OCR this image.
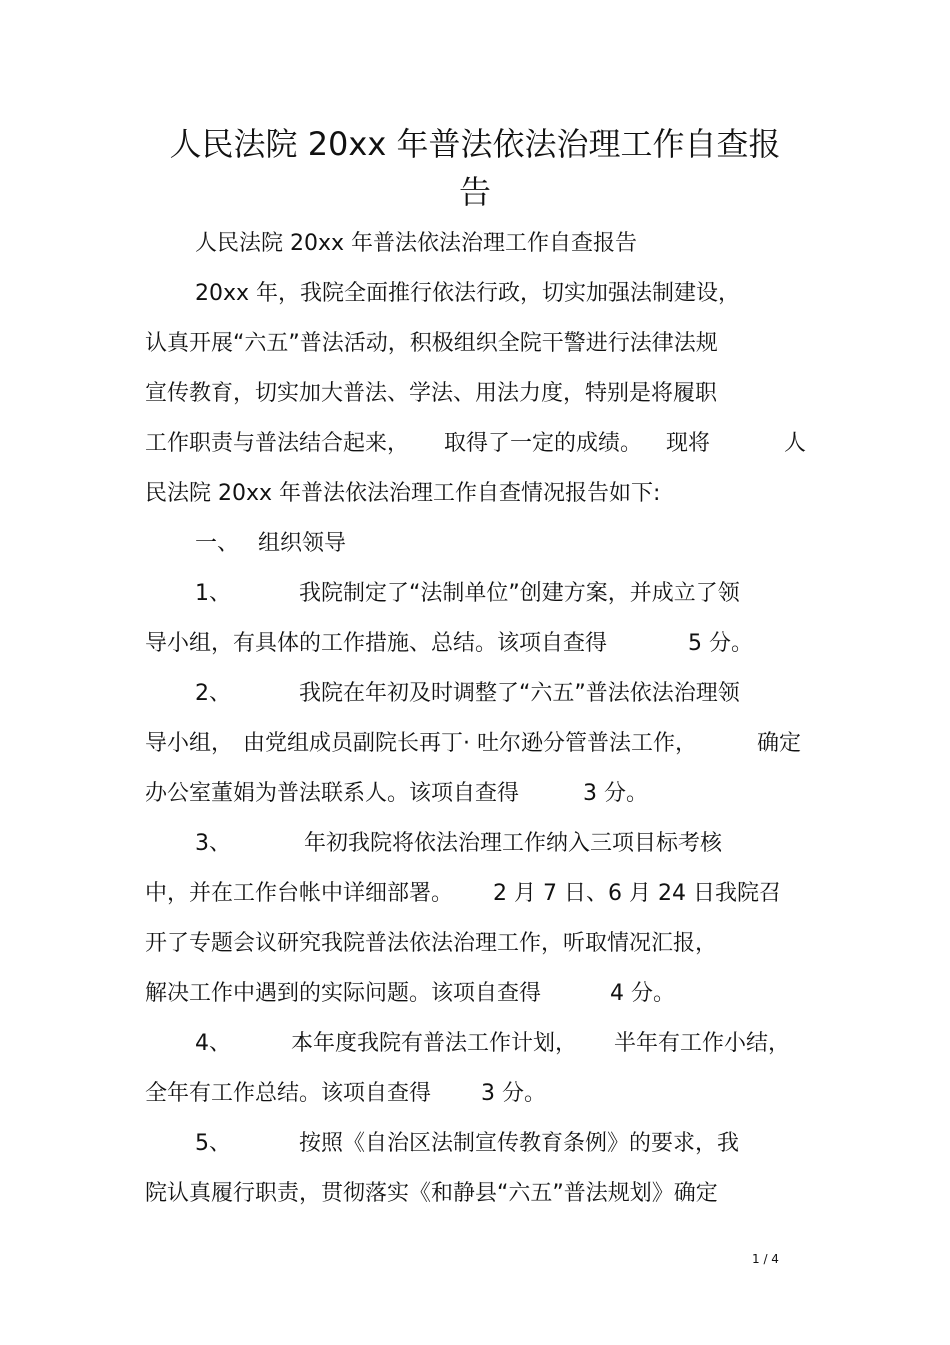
人民法院 20xx 年普法依法治理工作自查报
告
人民法院 20xx 年普法依法治理工作自查报告
20xx 年，我院全面推行依法行政，切实加强法制建设，
认真开展“六五”普法活动，积极组织全院干警进行法律法规
宣传教育，切实加大普法、学法、用法力度，特别是将履职
工作职责与普法结合起来， 取得了一定的成绩。 现将	人
民法院 20xx 年普法依法治理工作自查情况报告如下:
一、 组织领导
1、	我院制定了“法制单位”创建方案，并成立了领
导小组，有具体的工作措施、总结。该项自查得	5 分。
2、	我院在年初及时调整了“六五”普法依法治理领
导小组， 由党组成员副院长再丁· 吐尔逊分管普法工作，	确定
办公室董娟为普法联系人。该项自查得	3 分。
3、	年初我院将依法治理工作纳入三项目标考核
中，并在工作台帐中详细部署。 2 月 7 日、6 月 24 日我院召
开了专题会议研究我院普法依法治理工作，听取情况汇报，
解决工作中遇到的实际问题。该项自查得	4 分。
4、	本年度我院有普法工作计划， 半年有工作小结，
全年有工作总结。该项自查得 3 分。
5、	按照《自治区法制宣传教育条例》的要求，我
院认真履行职责，贯彻落实《和静县“六五”普法规划》确定
1 / 4
